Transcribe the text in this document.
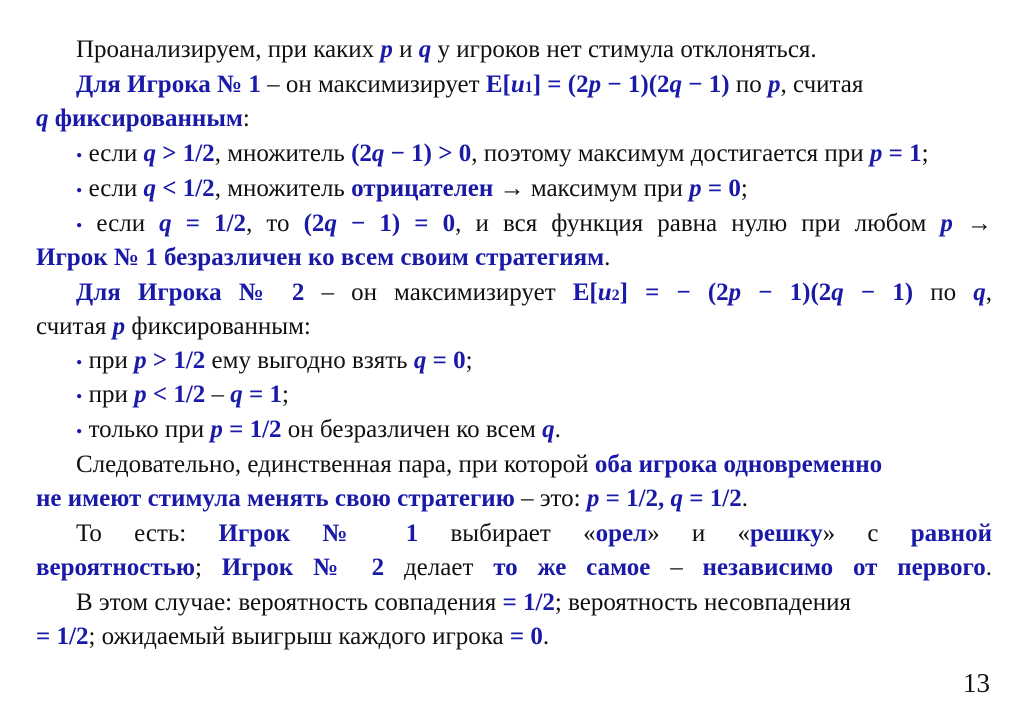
Проанализируем, при каких p и q у игроков нет стимула отклоняться.
Для Игрока № 1 – он максимизирует E[u1] = (2p − 1)(2q − 1) по p, считая
q фиксированным:
• если q > 1/2, множитель (2q − 1) > 0, поэтому максимум достигается при p = 1;
• если q < 1/2, множитель отрицателен → максимум при p = 0;
• если q = 1/2, то (2q − 1) = 0, и вся функция равна нулю при любом p →
Игрок № 1 безразличен ко всем своим стратегиям.
Для Игрока № 2 – он максимизирует E[u2] = − (2p − 1)(2q − 1) по q,
считая p фиксированным:
• при p > 1/2 ему выгодно взять q = 0;
• при p < 1/2 – q = 1;
• только при p = 1/2 он безразличен ко всем q.
Следовательно, единственная пара, при которой оба игрока одновременно
не имеют стимула менять свою стратегию – это: p = 1/2, q = 1/2.
То есть: Игрок № 1 выбирает «орел» и «решку» с равной
вероятностью; Игрок № 2 делает то же самое – независимо от первого.
В этом случае: вероятность совпадения = 1/2; вероятность несовпадения
= 1/2; ожидаемый выигрыш каждого игрока = 0.
13
